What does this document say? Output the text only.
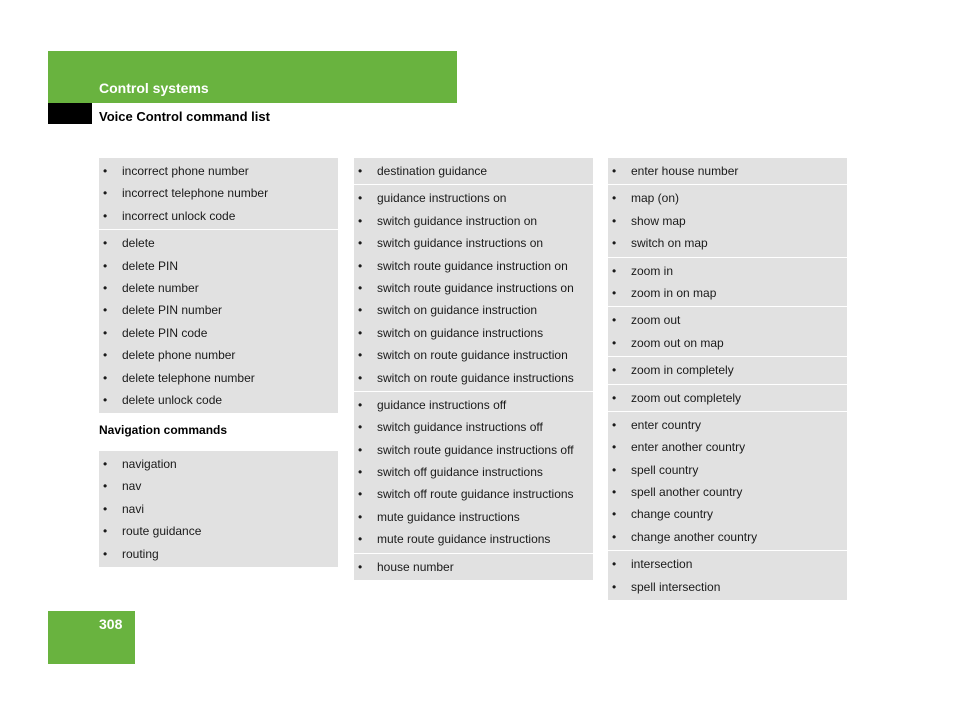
Control systems
Voice Control command list
• incorrect phone number
• incorrect telephone number
• incorrect unlock code
• delete
• delete PIN
• delete number
• delete PIN number
• delete PIN code
• delete phone number
• delete telephone number
• delete unlock code
Navigation commands
• navigation
• nav
• navi
• route guidance
• routing
• destination guidance
• guidance instructions on
• switch guidance instruction on
• switch guidance instructions on
• switch route guidance instruction on
• switch route guidance instructions on
• switch on guidance instruction
• switch on guidance instructions
• switch on route guidance instruction
• switch on route guidance instructions
• guidance instructions off
• switch guidance instructions off
• switch route guidance instructions off
• switch off guidance instructions
• switch off route guidance instructions
• mute guidance instructions
• mute route guidance instructions
• house number
• enter house number
• map (on)
• show map
• switch on map
• zoom in
• zoom in on map
• zoom out
• zoom out on map
• zoom in completely
• zoom out completely
• enter country
• enter another country
• spell country
• spell another country
• change country
• change another country
• intersection
• spell intersection
308
